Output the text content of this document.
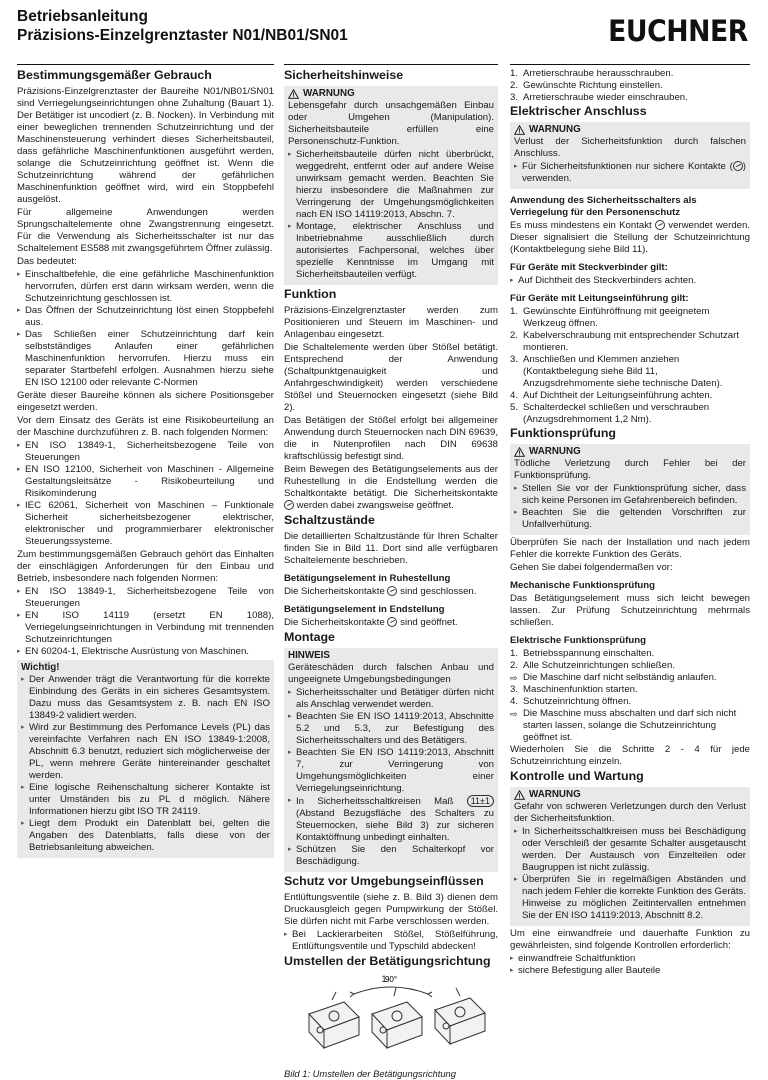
Betriebsanleitung
Präzisions-Einzelgrenztaster N01/NB01/SN01	EUCHNER
Bestimmungsgemäßer Gebrauch

Präzisions-Einzelgrenztaster der Baureihe N01/NB01/SN01 sind Verriegelungseinrichtungen ohne Zuhaltung (Bauart 1). Der Betätiger ist uncodiert (z. B. Nocken). In Verbindung mit einer beweglichen trennenden Schutzeinrichtung und der Maschinensteuerung verhindert dieses Sicherheitsbauteil, dass gefährliche Maschinenfunktionen ausgeführt werden, solange die Schutzeinrichtung geöffnet ist. Wenn die Schutzeinrichtung während der gefährlichen Maschinenfunktion geöffnet wird, wird ein Stoppbefehl ausgelöst.

Für allgemeine Anwendungen werden Sprungschaltelemente ohne Zwangstrennung eingesetzt. Für die Verwendung als Sicherheitsschalter ist nur das Schaltelement ES588 mit zwangsgeführtem Öffner zulässig.

Das bedeutet:

▸ Einschaltbefehle, die eine gefährliche Maschinenfunktion hervorrufen, dürfen erst dann wirksam werden, wenn die Schutzeinrichtung geschlossen ist.
▸ Das Öffnen der Schutzeinrichtung löst einen Stoppbefehl aus.
▸ Das Schließen einer Schutzeinrichtung darf kein selbstständiges Anlaufen einer gefährlichen Maschinenfunktion hervorrufen. Hierzu muss ein separater Startbefehl erfolgen. Ausnahmen hierzu siehe EN ISO 12100 oder relevante C-Normen

Geräte dieser Baureihe können als sichere Positionsgeber eingesetzt werden.

Vor dem Einsatz des Geräts ist eine Risikobeurteilung an der Maschine durchzuführen z. B. nach folgenden Normen:

▸ EN ISO 13849-1, Sicherheitsbezogene Teile von Steuerungen
▸ EN ISO 12100, Sicherheit von Maschinen - Allgemeine Gestaltungsleitsätze - Risikobeurteilung und Risikominderung
▸ IEC 62061, Sicherheit von Maschinen – Funktionale Sicherheit sicherheitsbezogener elektrischer, elektronischer und programmierbarer elektronischer Steuerungssysteme.

Zum bestimmungsgemäßen Gebrauch gehört das Einhalten der einschlägigen Anforderungen für den Einbau und Betrieb, insbesondere nach folgenden Normen:

▸ EN ISO 13849-1, Sicherheitsbezogene Teile von Steuerungen
▸ EN ISO 14119 (ersetzt EN 1088), Verriegelungseinrichtungen in Verbindung mit trennenden Schutzeinrichtungen
▸ EN 60204-1, Elektrische Ausrüstung von Maschinen.
Wichtig!
▸ Der Anwender trägt die Verantwortung für die korrekte Einbindung des Geräts in ein sicheres Gesamtsystem. Dazu muss das Gesamtsystem z. B. nach EN ISO 13849-2 validiert werden.
▸ Wird zur Bestimmung des Perfomance Levels (PL) das vereinfachte Verfahren nach EN ISO 13849-1:2008, Abschnitt 6.3 benutzt, reduziert sich möglicherweise der PL, wenn mehrere Geräte hintereinander geschaltet werden.
▸ Eine logische Reihenschaltung sicherer Kontakte ist unter Umständen bis zu PL d möglich. Nähere Informationen hierzu gibt ISO TR 24119.
▸ Liegt dem Produkt ein Datenblatt bei, gelten die Angaben des Datenblatts, falls diese von der Betriebsanleitung abweichen.
Sicherheitshinweise
WARNUNG

Lebensgefahr durch unsachgemäßen Einbau oder Umgehen (Manipulation). Sicherheitsbauteile erfüllen eine Personenschutz-Funktion.

▸ Sicherheitsbauteile dürfen nicht überbrückt, weggedreht, entfernt oder auf andere Weise unwirksam gemacht werden. Beachten Sie hierzu insbesondere die Maßnahmen zur Verringerung der Umgehungsmöglichkeiten nach EN ISO 14119:2013, Abschn. 7.
▸ Montage, elektrischer Anschluss und Inbetriebnahme ausschließlich durch autorisiertes Fachpersonal, welches über spezielle Kenntnisse im Umgang mit Sicherheitsbauteilen verfügt.
Funktion

Präzisions-Einzelgrenztaster werden zum Positionieren und Steuern im Maschinen- und Anlagenbau eingesetzt.

Die Schaltelemente werden über Stößel betätigt. Entsprechend der Anwendung (Schaltpunktgenauigkeit und Anfahrgeschwindigkeit) werden verschiedene Stößel und Steuernocken eingesetzt (siehe Bild 2).

Das Betätigen der Stößel erfolgt bei allgemeiner Anwendung durch Steuernocken nach DIN 69639, die in Nutenprofilen nach DIN 69638 kraftschlüssig befestigt sind.

Beim Bewegen des Betätigungselements aus der Ruhestellung in die Endstellung werden die Schaltkontakte betätigt. Die Sicherheitskontakte  werden dabei zwangsweise geöffnet.

Schaltzustände

Die detaillierten Schaltzustände für Ihren Schalter finden Sie in Bild 11. Dort sind alle verfügbaren Schaltelemente beschrieben.

Betätigungselement in Ruhestellung

Die Sicherheitskontakte sind geschlossen.

Betätigungselement in Endstellung

Die Sicherheitskontakte sind geöffnet.

Montage
HINWEIS

Geräteschäden durch falschen Anbau und ungeeignete Umgebungsbedingungen

▸ Sicherheitsschalter und Betätiger dürfen nicht als Anschlag verwendet werden.
▸ Beachten Sie EN ISO 14119:2013, Abschnitte 5.2 und 5.3, zur Befestigung des Sicherheitsschalters und des Betätigers.
▸ Beachten Sie EN ISO 14119:2013, Abschnitt 7, zur Verringerung von Umgehungsmöglichkeiten einer Verriegelungseinrichtung.
▸ In Sicherheitsschaltkreisen Maß 11±1 (Abstand Bezugsfläche des Schalters zu Steuernocken, siehe Bild 3) zur sicheren Kontaktöffnung unbedingt einhalten.
▸ Schützen Sie den Schalterkopf vor Beschädigung.
Schutz vor Umgebungseinflüssen

Entlüftungsventile (siehe z. B. Bild 3) dienen dem Druckausgleich gegen Pumpwirkung der Stößel. Sie dürfen nicht mit Farbe verschlossen werden.

▸ Bei Lackierarbeiten Stößel, Stößelführung, Entlüftungsventile und Typschild abdecken!
Umstellen der Betätigungsrichtung
90°
Bild 1: Umstellen der Betätigungsrichtung
1. Arretierschraube herausschrauben.
2. Gewünschte Richtung einstellen.
3. Arretierschraube wieder einschrauben.
Elektrischer Anschluss
WARNUNG

Verlust der Sicherheitsfunktion durch falschen Anschluss.

▸ Für Sicherheitsfunktionen nur sichere Kontakte ( ) verwenden.
Anwendung des Sicherheitsschalters als Verriegelung für den Personenschutz

Es muss mindestens ein Kontakt verwendet werden. Dieser signalisiert die Stellung der Schutzeinrichtung (Kontaktbelegung siehe Bild 11).

Für Geräte mit Steckverbinder gilt:
▸ Auf Dichtheit des Steckverbinders achten.
Für Geräte mit Leitungseinführung gilt:
1. Gewünschte Einführöffnung mit geeignetem Werkzeug öffnen.
2. Kabelverschraubung mit entsprechender Schutzart montieren.
3. Anschließen und Klemmen anziehen (Kontaktbelegung siehe Bild 11, Anzugsdrehmomente siehe technische Daten).
4. Auf Dichtheit der Leitungseinführung achten.
5. Schalterdeckel schließen und verschrauben (Anzugsdrehmoment 1,2 Nm).
Funktionsprüfung
WARNUNG

Tödliche Verletzung durch Fehler bei der Funktionsprüfung.

▸ Stellen Sie vor der Funktionsprüfung sicher, dass sich keine Personen im Gefahrenbereich befinden.
▸ Beachten Sie die geltenden Vorschriften zur Unfallverhütung.

Überprüfen Sie nach der Installation und nach jedem Fehler die korrekte Funktion des Geräts.

Gehen Sie dabei folgendermaßen vor:

Mechanische Funktionsprüfung

Das Betätigungselement muss sich leicht bewegen lassen. Zur Prüfung Schutzeinrichtung mehrmals schließen.

Elektrische Funktionsprüfung
1. Betriebsspannung einschalten.
2. Alle Schutzeinrichtungen schließen.
⇨ Die Maschine darf nicht selbständig anlaufen.
3. Maschinenfunktion starten.
4. Schutzeinrichtung öffnen.
⇨ Die Maschine muss abschalten und darf sich nicht starten lassen, solange die Schutzeinrichtung geöffnet ist.

Wiederholen Sie die Schritte 2 - 4 für jede Schutzeinrichtung einzeln.

Kontrolle und Wartung
WARNUNG

Gefahr von schweren Verletzungen durch den Verlust der Sicherheitsfunktion.

▸ In Sicherheitsschaltkreisen muss bei Beschädigung oder Verschleiß der gesamte Schalter ausgetauscht werden. Der Austausch von Einzelteilen oder Baugruppen ist nicht zulässig.
▸ Überprüfen Sie in regelmäßigen Abständen und nach jedem Fehler die korrekte Funktion des Geräts. Hinweise zu möglichen Zeitintervallen entnehmen Sie der EN ISO 14119:2013, Abschnitt 8.2.

Um eine einwandfreie und dauerhafte Funktion zu gewährleisten, sind folgende Kontrollen erforderlich:

▸ einwandfreie Schaltfunktion
▸ sichere Befestigung aller Bauteile
1
